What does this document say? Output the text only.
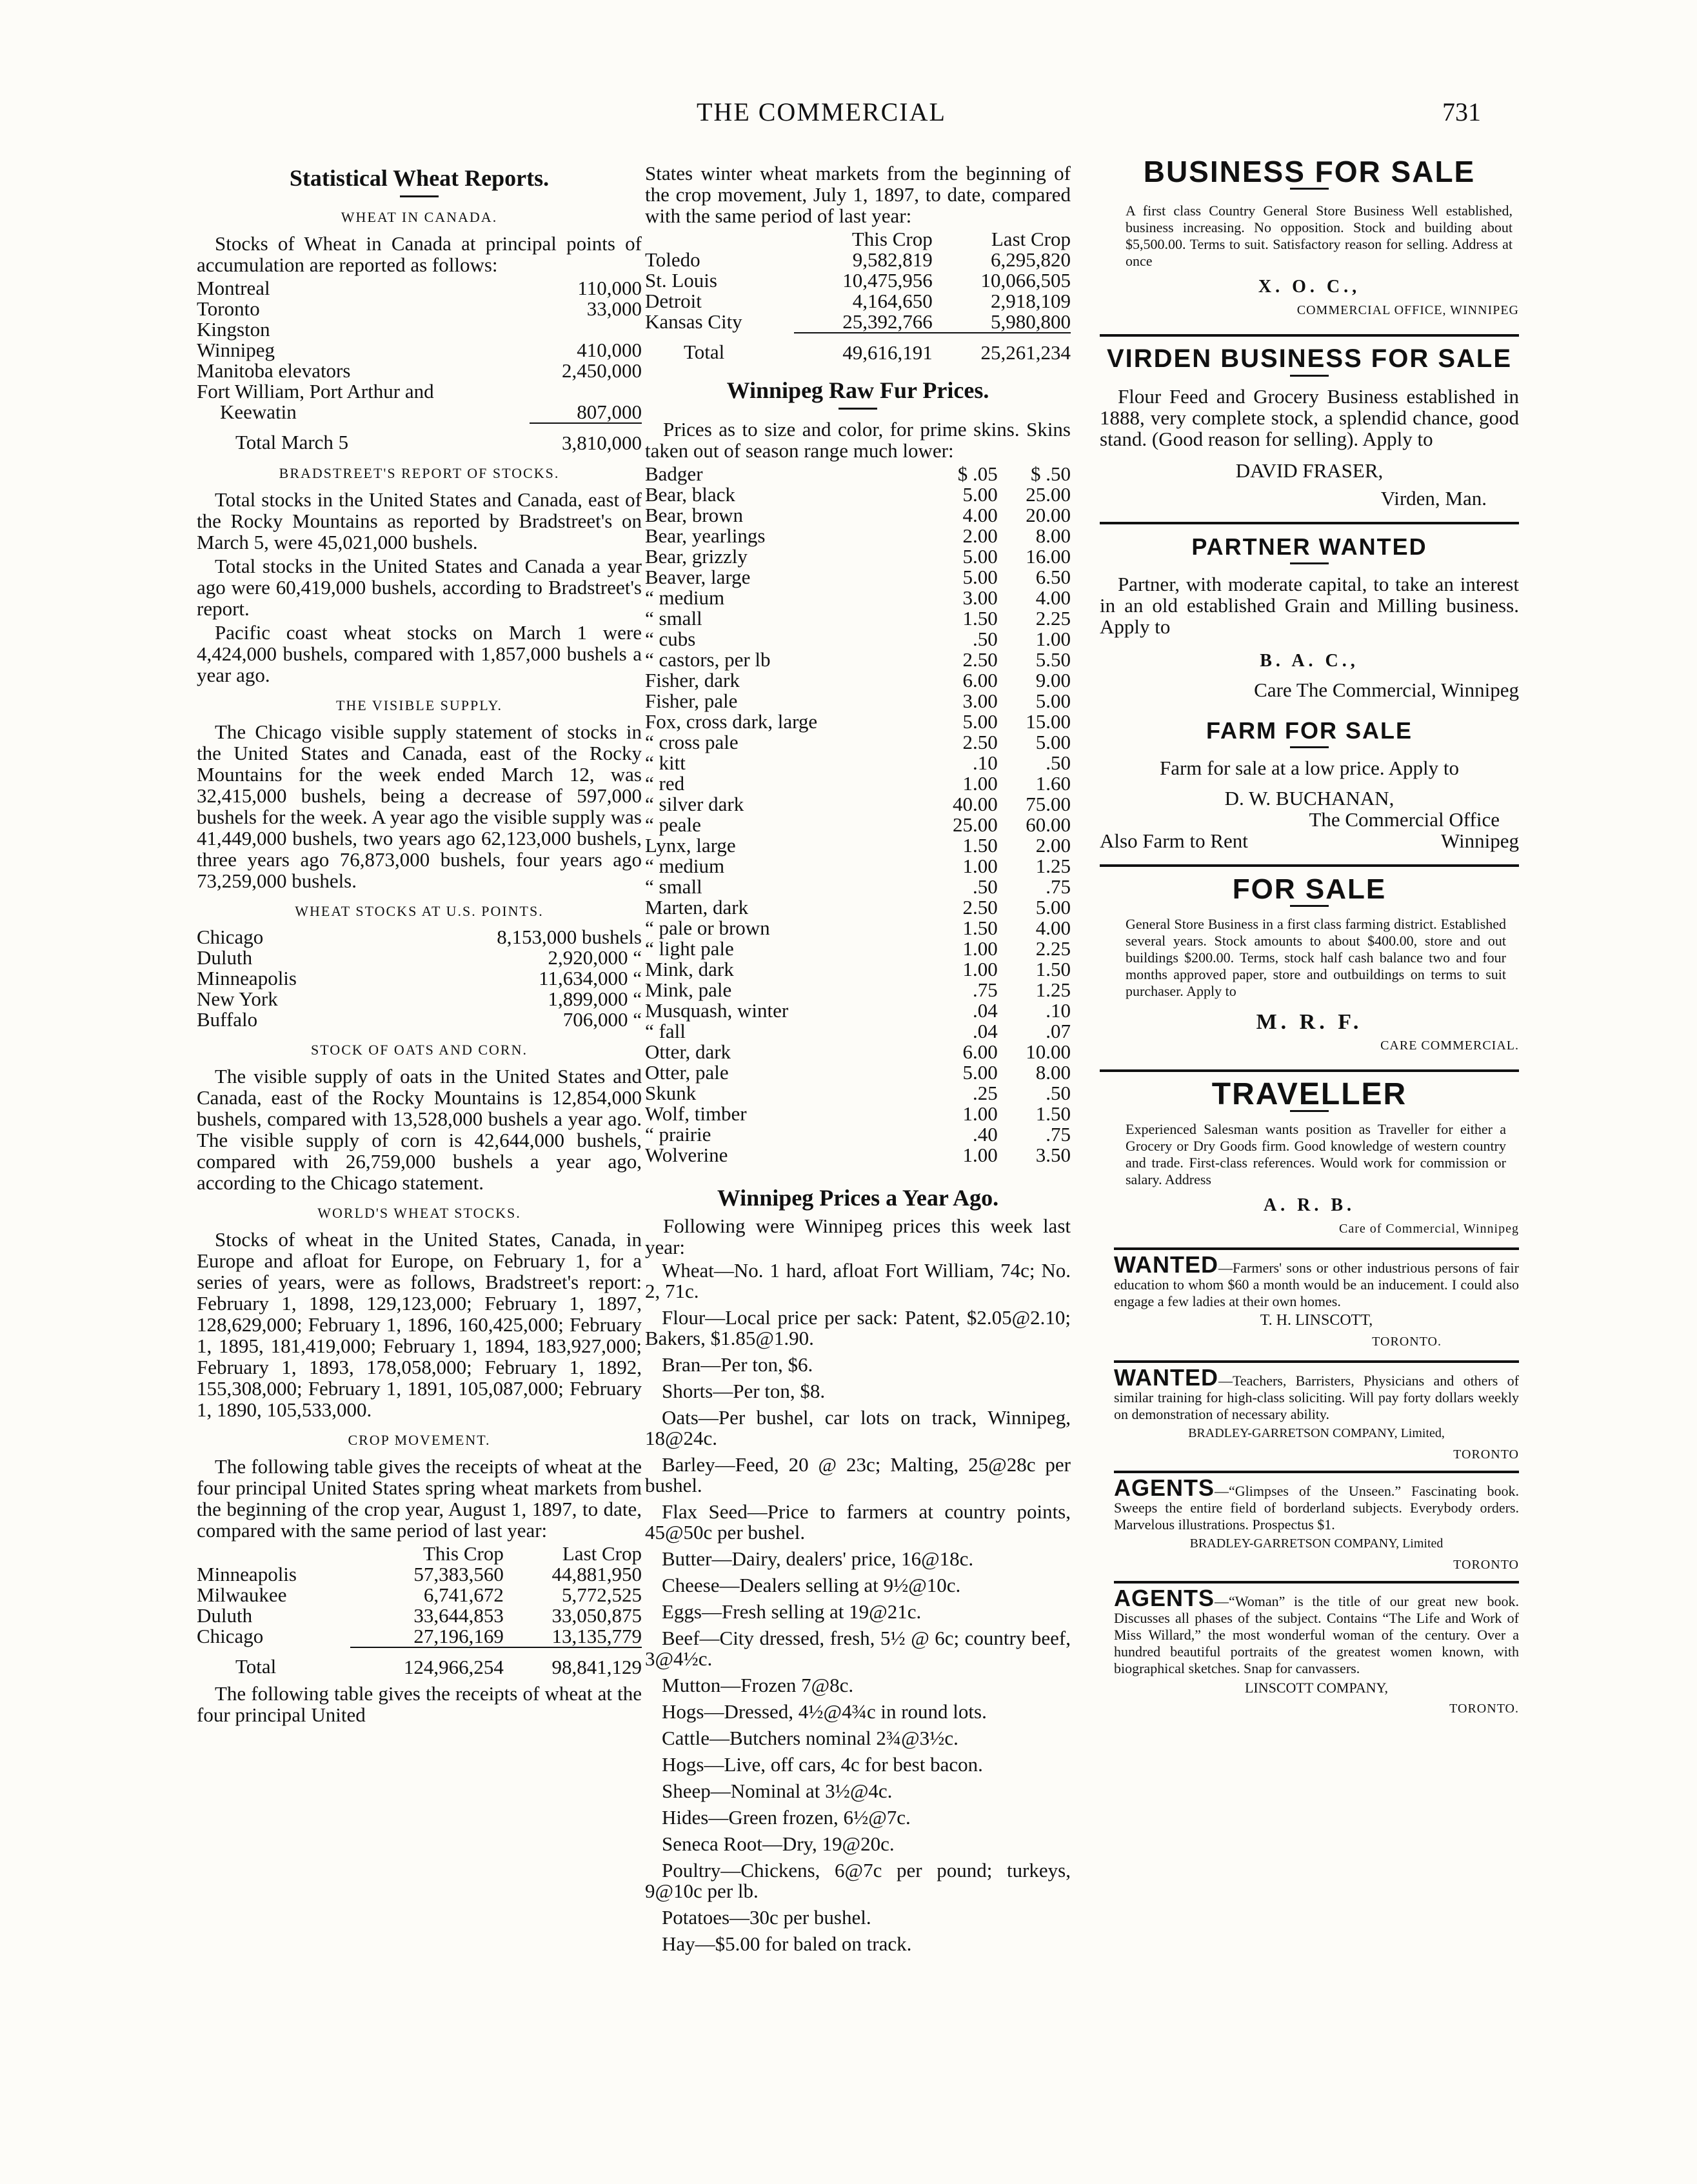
THE COMMERCIAL	731
Statistical Wheat Reports.
WHEAT IN CANADA.
Stocks of Wheat in Canada at principal points of accumulation are reported as follows:
Montreal	110,000
Toronto	33,000
Kingston	
Winnipeg	410,000
Manitoba elevators	2,450,000
Fort William, Port Arthur and	
Keewatin	807,000
Total March 5	3,810,000
BRADSTREET'S REPORT OF STOCKS.
Total stocks in the United States and Canada, east of the Rocky Mountains as reported by Bradstreet's on March 5, were 45,021,000 bushels.
Total stocks in the United States and Canada a year ago were 60,419,000 bushels, according to Bradstreet's report.
Pacific coast wheat stocks on March 1 were 4,424,000 bushels, compared with 1,857,000 bushels a year ago.
THE VISIBLE SUPPLY.
The Chicago visible supply statement of stocks in the United States and Canada, east of the Rocky Mountains for the week ended March 12, was 32,415,000 bushels, being a decrease of 597,000 bushels for the week. A year ago the visible supply was 41,449,000 bushels, two years ago 62,123,000 bushels, three years ago 76,873,000 bushels, four years ago 73,259,000 bushels.
WHEAT STOCKS AT U.S. POINTS.
Chicago	8,153,000 bushels
Duluth	2,920,000 “
Minneapolis	11,634,000 “
New York	1,899,000 “
Buffalo	706,000 “
STOCK OF OATS AND CORN.
The visible supply of oats in the United States and Canada, east of the Rocky Mountains is 12,854,000 bushels, compared with 13,528,000 bushels a year ago. The visible supply of corn is 42,644,000 bushels, compared with 26,759,000 bushels a year ago, according to the Chicago statement.
WORLD'S WHEAT STOCKS.
Stocks of wheat in the United States, Canada, in Europe and afloat for Europe, on February 1, for a series of years, were as follows, Bradstreet's report: February 1, 1898, 129,123,000; February 1, 1897, 128,629,000; February 1, 1896, 160,425,000; February 1, 1895, 181,419,000; February 1, 1894, 183,927,000; February 1, 1893, 178,058,000; February 1, 1892, 155,308,000; February 1, 1891, 105,087,000; February 1, 1890, 105,533,000.
CROP MOVEMENT.
The following table gives the receipts of wheat at the four principal United States spring wheat markets from the beginning of the crop year, August 1, 1897, to date, compared with the same period of last year:
	This Crop	Last Crop
Minneapolis	57,383,560	44,881,950
Milwaukee	6,741,672	5,772,525
Duluth	33,644,853	33,050,875
Chicago	27,196,169	13,135,779
Total	124,966,254	98,841,129
The following table gives the receipts of wheat at the four principal United
States winter wheat markets from the beginning of the crop movement, July 1, 1897, to date, compared with the same period of last year:
	This Crop	Last Crop
Toledo	9,582,819	6,295,820
St. Louis	10,475,956	10,066,505
Detroit	4,164,650	2,918,109
Kansas City	25,392,766	5,980,800
Total	49,616,191	25,261,234
Winnipeg Raw Fur Prices.
Prices as to size and color, for prime skins. Skins taken out of season range much lower:
Badger	$ .05	$ .50
Bear, black	5.00	25.00
Bear, brown	4.00	20.00
Bear, yearlings	2.00	8.00
Bear, grizzly	5.00	16.00
Beaver, large	5.00	6.50
“ medium	3.00	4.00
“ small	1.50	2.25
“ cubs	.50	1.00
“ castors, per lb	2.50	5.50
Fisher, dark	6.00	9.00
Fisher, pale	3.00	5.00
Fox, cross dark, large	5.00	15.00
“ cross pale	2.50	5.00
“ kitt	.10	.50
“ red	1.00	1.60
“ silver dark	40.00	75.00
“ peale	25.00	60.00
Lynx, large	1.50	2.00
“ medium	1.00	1.25
“ small	.50	.75
Marten, dark	2.50	5.00
“ pale or brown	1.50	4.00
“ light pale	1.00	2.25
Mink, dark	1.00	1.50
Mink, pale	.75	1.25
Musquash, winter	.04	.10
“ fall	.04	.07
Otter, dark	6.00	10.00
Otter, pale	5.00	8.00
Skunk	.25	.50
Wolf, timber	1.00	1.50
“ prairie	.40	.75
Wolverine	1.00	3.50
Winnipeg Prices a Year Ago.
Following were Winnipeg prices this week last year:
Wheat—No. 1 hard, afloat Fort William, 74c; No. 2, 71c.
Flour—Local price per sack: Patent, $2.05@2.10; Bakers, $1.85@1.90.
Bran—Per ton, $6.
Shorts—Per ton, $8.
Oats—Per bushel, car lots on track, Winnipeg, 18@24c.
Barley—Feed, 20 @ 23c; Malting, 25@28c per bushel.
Flax Seed—Price to farmers at country points, 45@50c per bushel.
Butter—Dairy, dealers' price, 16@18c.
Cheese—Dealers selling at 9½@10c.
Eggs—Fresh selling at 19@21c.
Beef—City dressed, fresh, 5½ @ 6c; country beef, 3@4½c.
Mutton—Frozen 7@8c.
Hogs—Dressed, 4½@4¾c in round lots.
Cattle—Butchers nominal 2¾@3½c.
Hogs—Live, off cars, 4c for best bacon.
Sheep—Nominal at 3½@4c.
Hides—Green frozen, 6½@7c.
Seneca Root—Dry, 19@20c.
Poultry—Chickens, 6@7c per pound; turkeys, 9@10c per lb.
Potatoes—30c per bushel.
Hay—$5.00 for baled on track.
BUSINESS FOR SALE
A first class Country General Store Business Well established, business increasing. No opposition. Stock and building about $5,500.00. Terms to suit. Satisfactory reason for selling. Address at once
X. O. C.,
COMMERCIAL OFFICE, WINNIPEG
VIRDEN BUSINESS FOR SALE
Flour Feed and Grocery Business established in 1888, very complete stock, a splendid chance, good stand. (Good reason for selling). Apply to
DAVID FRASER,
Virden, Man.
PARTNER WANTED
Partner, with moderate capital, to take an interest in an old established Grain and Milling business. Apply to
B. A. C.,
Care The Commercial, Winnipeg
FARM FOR SALE
Farm for sale at a low price. Apply to
D. W. BUCHANAN,
The Commercial Office
Also Farm to Rent	Winnipeg
FOR SALE
General Store Business in a first class farming district. Established several years. Stock amounts to about $400.00, store and out buildings $200.00. Terms, stock half cash balance two and four months approved paper, store and outbuildings on terms to suit purchaser. Apply to
M. R. F.
CARE COMMERCIAL.
TRAVELLER
Experienced Salesman wants position as Traveller for either a Grocery or Dry Goods firm. Good knowledge of western country and trade. First-class references. Would work for commission or salary. Address
A. R. B.
Care of Commercial, Winnipeg
WANTED—Farmers' sons or other industrious persons of fair education to whom $60 a month would be an inducement. I could also engage a few ladies at their own homes.
T. H. LINSCOTT,
TORONTO.
WANTED—Teachers, Barristers, Physicians and others of similar training for high-class soliciting. Will pay forty dollars weekly on demonstration of necessary ability.
BRADLEY-GARRETSON COMPANY, Limited,
TORONTO
AGENTS—“Glimpses of the Unseen.” Fascinating book. Sweeps the entire field of borderland subjects. Everybody orders. Marvelous illustrations. Prospectus $1.
BRADLEY-GARRETSON COMPANY, Limited
TORONTO
AGENTS—“Woman” is the title of our great new book. Discusses all phases of the subject. Contains “The Life and Work of Miss Willard,” the most wonderful woman of the century. Over a hundred beautiful portraits of the greatest women known, with biographical sketches. Snap for canvassers.
LINSCOTT COMPANY,
TORONTO.
